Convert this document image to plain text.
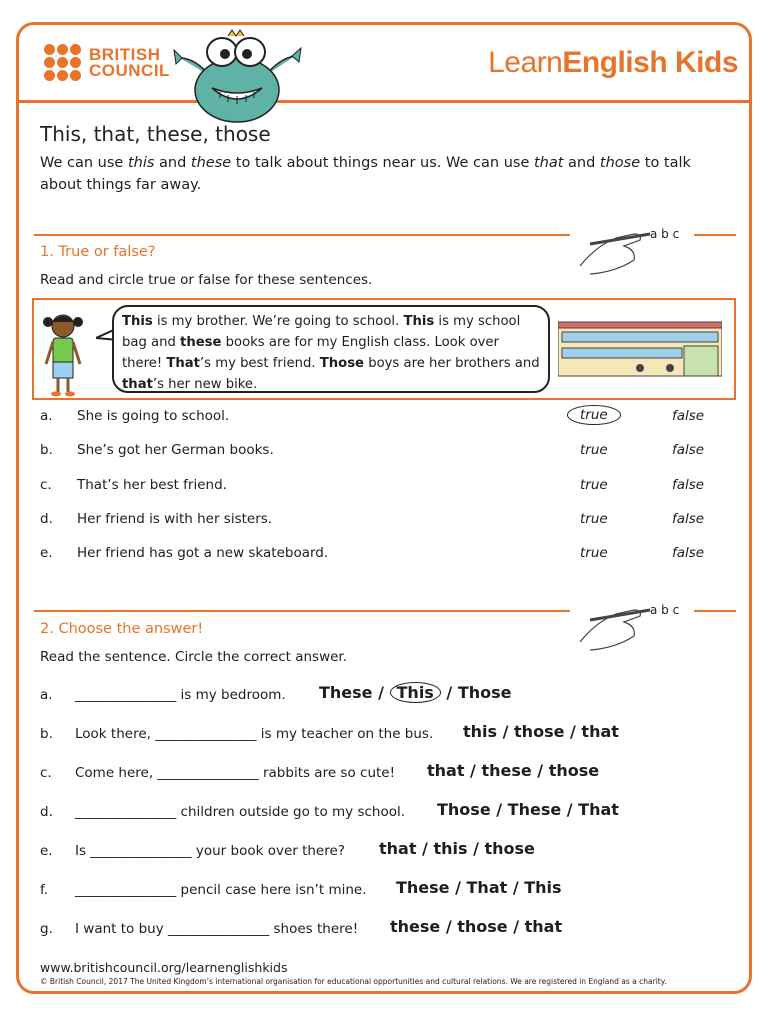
BRITISH
COUNCIL	LearnEnglish Kids
This, that, these, those
We can use this and these to talk about things near us. We can use that and those to talk about things far away.
a b c
1. True or false?
Read and circle true or false for these sentences.
This is my brother. We’re going to school. This is my school bag and these books are for my English class. Look over there! That’s my best friend. Those boys are her brothers and that’s her new bike.
a. She is going to school.	true	false
b. She’s got her German books.	true	false
c. That’s her best friend.	true	false
d. Her friend is with her sisters.	true	false
e. Her friend has got a new skateboard.	true	false
a b c
2. Choose the answer!
Read the sentence. Circle the correct answer.
a. _______________ is my bedroom. These / This / Those
b. Look there, _______________ is my teacher on the bus. this / those / that
c. Come here, _______________ rabbits are so cute! that / these / those
d. _______________ children outside go to my school. Those / These / That
e. Is _______________ your book over there? that / this / those
f. _______________ pencil case here isn’t mine. These / That / This
g. I want to buy _______________ shoes there! these / those / that
www.britishcouncil.org/learnenglishkids
© British Council, 2017 The United Kingdom’s international organisation for educational opportunities and cultural relations. We are registered in England as a charity.
